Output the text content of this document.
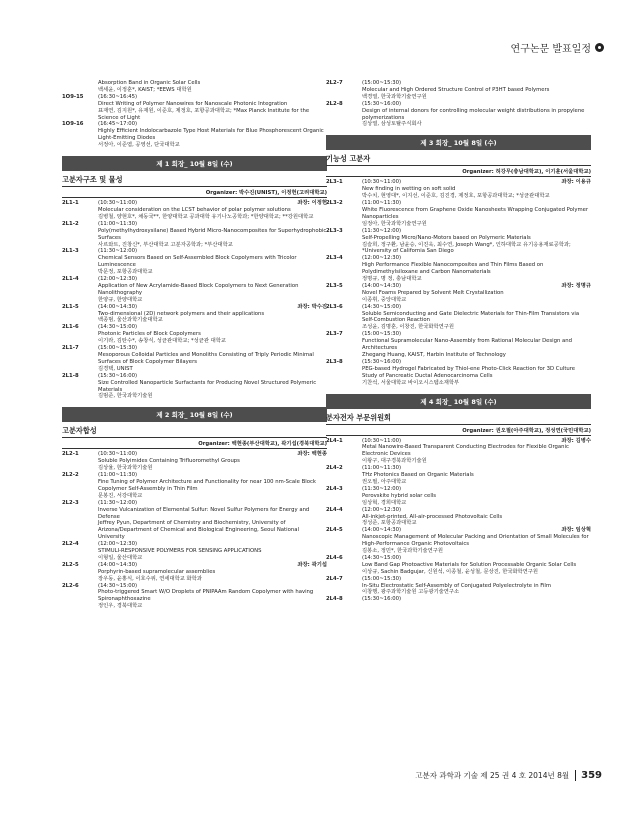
연구논문 발표일정
Absorption Band in Organic Solar Cells
백세윤, 이정훈*, KAIST; *EEWS 대학원
1O9-15	(16:30~16:45)
Direct Writing of Polymer Nanowires for Nanoscale Photonic Integration
표재연, 김지원*, 유재원, 이준호, 제정호, 포항공과대학교; *Max Planck Institute for the Science of Light
1O9-16	(16:45~17:00)
Highly Efficient Indolocarbazole Type Host Materials for Blue Phosphorescent Organic Light-Emitting Diodes
서정아, 이준엽, 공영선, 단국대학교
제 1 회장_ 10월 8일 (수)
고분자구조 및 물성
Organizer: 박수진(UNIST), 이정헌(고려대학교)
2L1-1	(10:30~11:00)	좌장: 이정헌
Molecular consideration on the LCST behavior of polar polymer solutions
김병철, 양현호*, 채동국**, 한양대학교 공과대학 유기나노공학과; *한양대학교; **강원대학교
2L1-2	(11:00~11:30)
Poly(methylhydroxysilane) Based Hybrid Micro-Nanocomposites for Superhydrophobic Surfaces
사르와트, 진창신*, 부산대학교 고분자공학과; *부산대학교
2L1-3	(11:30~12:00)
Chemical Sensors Based on Self-Assembled Block Copolymers with Tricolor Luminescence
박문정, 포항공과대학교
2L1-4	(12:00~12:30)
Application of New Acrylamide-Based Block Copolymers to Next Generation Nanolithography
한양규, 한양대학교
2L1-5	(14:00~14:30)	좌장: 박수진
Two-dimensional (2D) network polymers and their applications
백종범, 울산과학기술대학교
2L1-6	(14:30~15:00)
Photonic Particles of Block Copolymers
이기라, 김탄수*, 송창식, 성균관대학교; *성균관 대학교
2L1-7	(15:00~15:30)
Mesoporous Colloidal Particles and Monoliths Consisting of Triply Periodic Minimal Surfaces of Block Copolymer Bilayers
김경택, UNIST
2L1-8	(15:30~16:00)
Size Controlled Nanoparticle Surfactants for Producing Novel Structured Polymeric Materials
김범준, 한국과학기술원
제 2 회장_ 10월 8일 (수)
고분자합성
Organizer: 백현종(부산대학교), 곽기섭(경북대학교)
2L2-1	(10:30~11:00)	좌장: 백현종
Soluble Polyimides Containing Trifluoromethyl Groups
김상율, 한국과학기술원
2L2-2	(11:00~11:30)
Fine Tuning of Polymer Architecture and Functionality for near 100 nm-Scale Block Copolymer Self-Assembly in Thin Film
문봉진, 서강대학교
2L2-3	(11:30~12:00)
Inverse Vulcanization of Elemental Sulfur: Novel Sulfur Polymers for Energy and Defense
Jeffrey Pyun, Department of Chemistry and Biochemistry, University of Arizona/Department of Chemical and Biological Engineering, Seoul National University
2L2-4	(12:00~12:30)
STIMULI-RESPONSIVE POLYMERS FOR SENSING APPLICATIONS
이형일, 울산대학교
2L2-5	(14:00~14:30)	좌장: 곽기섭
Porphyrin-based supramolecular assemblies
장우동, 윤홍식, 이호수위, 연세대학교 화학과
2L2-6	(14:30~15:00)
Photo-triggered Smart W/O Droplets of PNIPAAm Random Copolymer with having Spironaphthoxazine
정인우, 경북대학교
2L2-7	(15:00~15:30)
Molecular and High Ordered Structure Control of P3HT based Polymers
백경열, 한국과학기술연구원
2L2-8	(15:30~16:00)
Design of internal donors for controlling molecular weight distributions in propylene polymerizations
김상열, 삼성토탈주식회사
제 3 회장_ 10월 8일 (수)
기능성 고분자
Organizer: 허강무(충남대학교), 이기훈(서울대학교)
2L3-1	(10:30~11:00)	좌장: 이용규
New finding in wetting on soft solid
박수치, 현영대*, 이지선, 이준호, 김진경, 제정호, 포항공과대학교; *성균관대학교
2L3-2	(11:00~11:30)
White Fluorescence from Graphene Oxide Nanosheets Wrapping Conjugated Polymer Nanoparticles
임정아, 한국과학기술연구원
2L3-3	(11:30~12:00)
Self-Propelling Micro/Nano-Motors based on Polymeric Materials
김슬희, 정구환, 남윤승, 이진욱, 최수연, Joseph Wang*, 인하대학교 유기응용재료공학과; *University of California San Diego
2L3-4	(12:00~12:30)
High Performance Flexible Nanocomposites and Thin Films Based on Polydimethylsiloxane and Carbon Nanomaterials
정명규, 명 정, 충남대학교
2L3-5	(14:00~14:30)	좌장: 정명규
Novel Foams Prepared by Solvent Melt Crystallization
이종휘, 중앙대학교
2L3-6	(14:30~15:00)
Soluble Semiconducting and Gate Dielectric Materials for Thin-Film Transistors via Self-Combustion Reaction
조성윤, 김명훈, 이창진, 한국화학연구원
2L3-7	(15:00~15:30)
Functional Supramolecular Nano-Assembly from Rational Molecular Design and Architectures
Zhegang Huang, KAIST, Harbin Institute of Technology
2L3-8	(15:30~16:00)
PEG-based Hydrogel Fabricated by Thiol-ene Photo-Click Reaction for 3D Culture Study of Pancreatic Ductal Adenocarcinoma Cells
기찬석, 서울대학교 바이오시스템소재학부
제 4 회장_ 10월 8일 (수)
분자전자 부문위원회
Organizer: 권오필(아주대학교), 정성연(국민대학교)
2L4-1	(10:30~11:00)	좌장: 김병수
Metal Nanowire-Based Transparent Conducting Electrodes for Flexible Organic Electronic Devices
이왕구, 대구경북과학기술원
2L4-2	(11:00~11:30)
THz Photonics Based on Organic Materials
권오필, 아주대학교
2L4-3	(11:30~12:00)
Perovskite hybrid solar cells
임상혁, 경희대학교
2L4-4	(12:00~12:30)
All-inkjet-printed, All-air-processed Photovoltaic Cells
정성준, 포항공과대학교
2L4-5	(14:00~14:30)	좌장: 임상혁
Nanoscopic Management of Molecular Packing and Orientation of Small Molecules for High-Performance Organic Photovoltaics
김봉소, 정민*, 한국과학기술연구원
2L4-6	(14:30~15:00)
Low Band Gap Photoactive Materials for Solution Processable Organic Solar Cells
이상규, Sachin Badgujar, 신원석, 이종철, 윤성철, 문상진, 한국화학연구원
2L4-7	(15:00~15:30)
In-Situ Electrostatic Self-Assembly of Conjugated Polyelectrolyte in Film
이창행, 광주과학기술원 고등광기술연구소
2L4-8	(15:30~16:00)
고분자 과학과 기술 제 25 권 4 호 2014년 8월	359
